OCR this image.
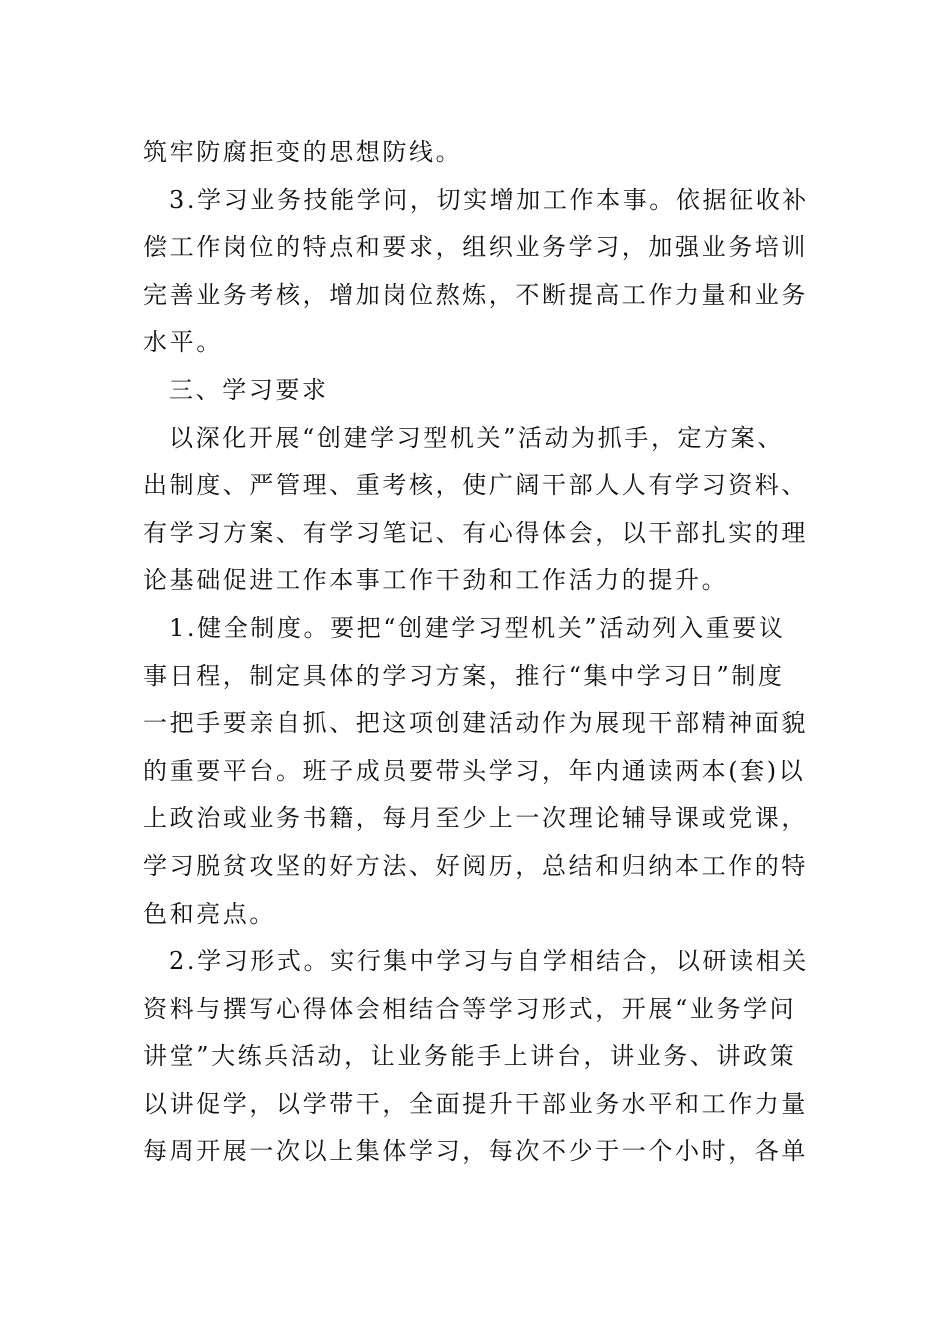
筑牢防腐拒变的思想防线。
3.学习业务技能学问，切实增加工作本事。依据征收补
偿工作岗位的特点和要求，组织业务学习，加强业务培训
完善业务考核，增加岗位熬炼，不断提高工作力量和业务
水平。
三、学习要求
以深化开展“创建学习型机关”活动为抓手，定方案、
出制度、严管理、重考核，使广阔干部人人有学习资料、
有学习方案、有学习笔记、有心得体会，以干部扎实的理
论基础促进工作本事工作干劲和工作活力的提升。
1.健全制度。要把“创建学习型机关”活动列入重要议
事日程，制定具体的学习方案，推行“集中学习日”制度
一把手要亲自抓、把这项创建活动作为展现干部精神面貌
的重要平台。班子成员要带头学习，年内通读两本(套)以
上政治或业务书籍，每月至少上一次理论辅导课或党课，
学习脱贫攻坚的好方法、好阅历，总结和归纳本工作的特
色和亮点。
2.学习形式。实行集中学习与自学相结合，以研读相关
资料与撰写心得体会相结合等学习形式，开展“业务学问
讲堂”大练兵活动，让业务能手上讲台，讲业务、讲政策
以讲促学，以学带干，全面提升干部业务水平和工作力量
每周开展一次以上集体学习，每次不少于一个小时，各单
